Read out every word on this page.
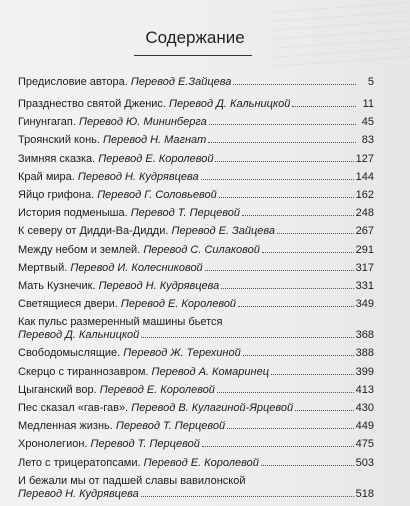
Содержание
Предисловие автора. Перевод Е.Зайцева	5
Празднество святой Дженис. Перевод Д. Кальницкой	11
Гинунгагап. Перевод Ю. Мининберга	45
Троянский конь. Перевод Н. Магнат	83
Зимняя сказка. Перевод Е. Королевой	127
Край мира. Перевод Н. Кудрявцева	144
Яйцо грифона. Перевод Г. Соловьевой	162
История подменыша. Перевод Т. Перцевой	248
К северу от Дидди-Ва-Дидди. Перевод Е. Зайцева	267
Между небом и землей. Перевод С. Силаковой	291
Мертвый. Перевод И. Колесниковой	317
Мать Кузнечик. Перевод Н. Кудрявцева	331
Светящиеся двери. Перевод Е. Королевой	349
Как пульс размеренный машины бьется
Перевод Д. Кальницкой	368
Свободомыслящие. Перевод Ж. Терехиной	388
Скерцо с тираннозавром. Перевод А. Комаринец	399
Цыганский вор. Перевод Е. Королевой	413
Пес сказал «гав-гав». Перевод В. Кулагиной-Ярцевой	430
Медленная жизнь. Перевод Т. Перцевой	449
Хронолегион. Перевод Т. Перцевой	475
Лето с трицератопсами. Перевод Е. Королевой	503
И бежали мы от падшей славы вавилонской
Перевод Н. Кудрявцева	518
